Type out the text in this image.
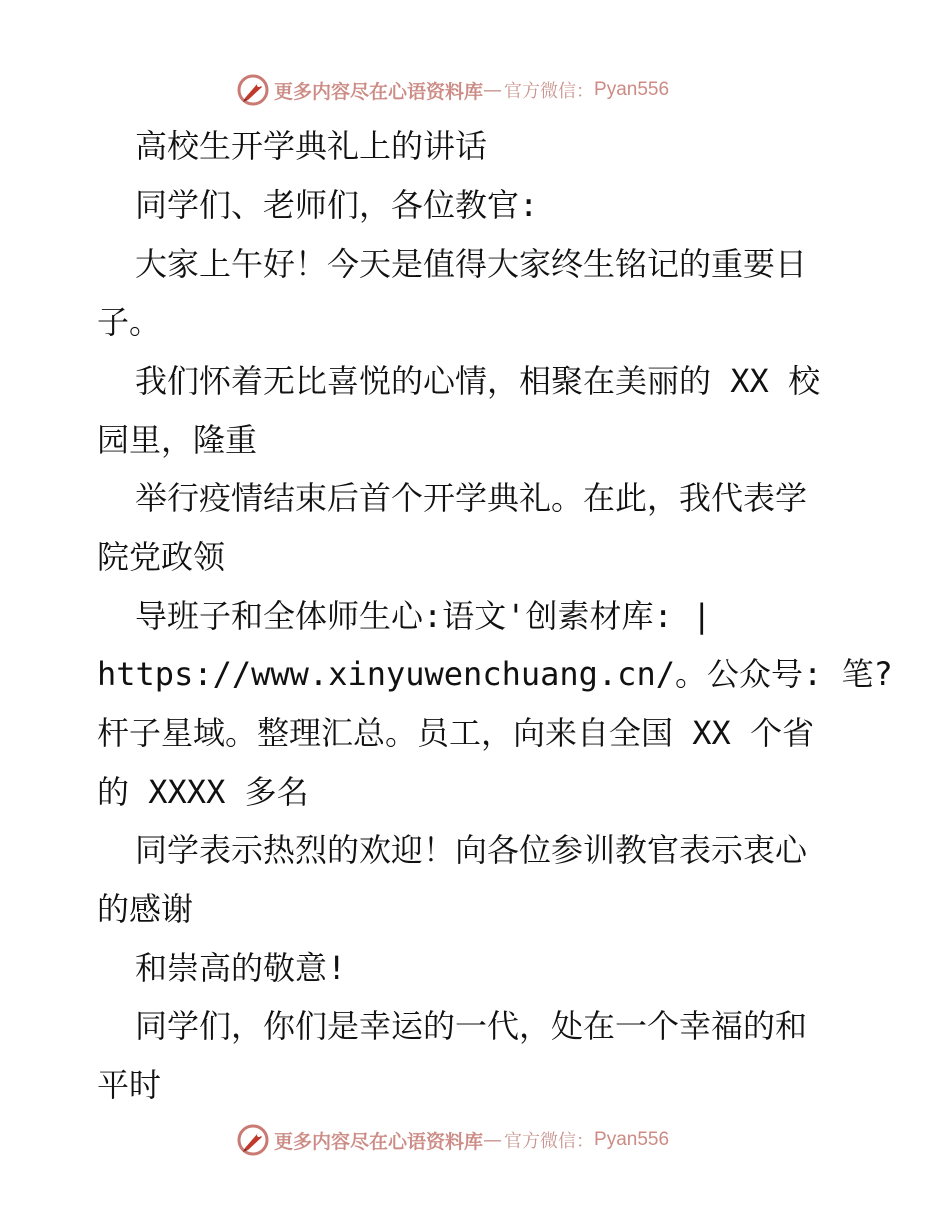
更多内容尽在心语资料库 — 官方微信： Pyan556
高校生开学典礼上的讲话
同学们、老师们，各位教官:
大家上午好！今天是值得大家终生铭记的重要日
子。
我们怀着无比喜悦的心情，相聚在美丽的 XX 校
园里，隆重
举行疫情结束后首个开学典礼。在此，我代表学
院党政领
导班子和全体师生心:语文'创素材库: |
https://www.xinyuwenchuang.cn/。公众号: 笔?
杆子星域。整理汇总。员工，向来自全国 XX 个省
的 XXXX 多名
同学表示热烈的欢迎！向各位参训教官表示衷心
的感谢
和崇高的敬意!
同学们，你们是幸运的一代，处在一个幸福的和
平时
更多内容尽在心语资料库 — 官方微信： Pyan556
